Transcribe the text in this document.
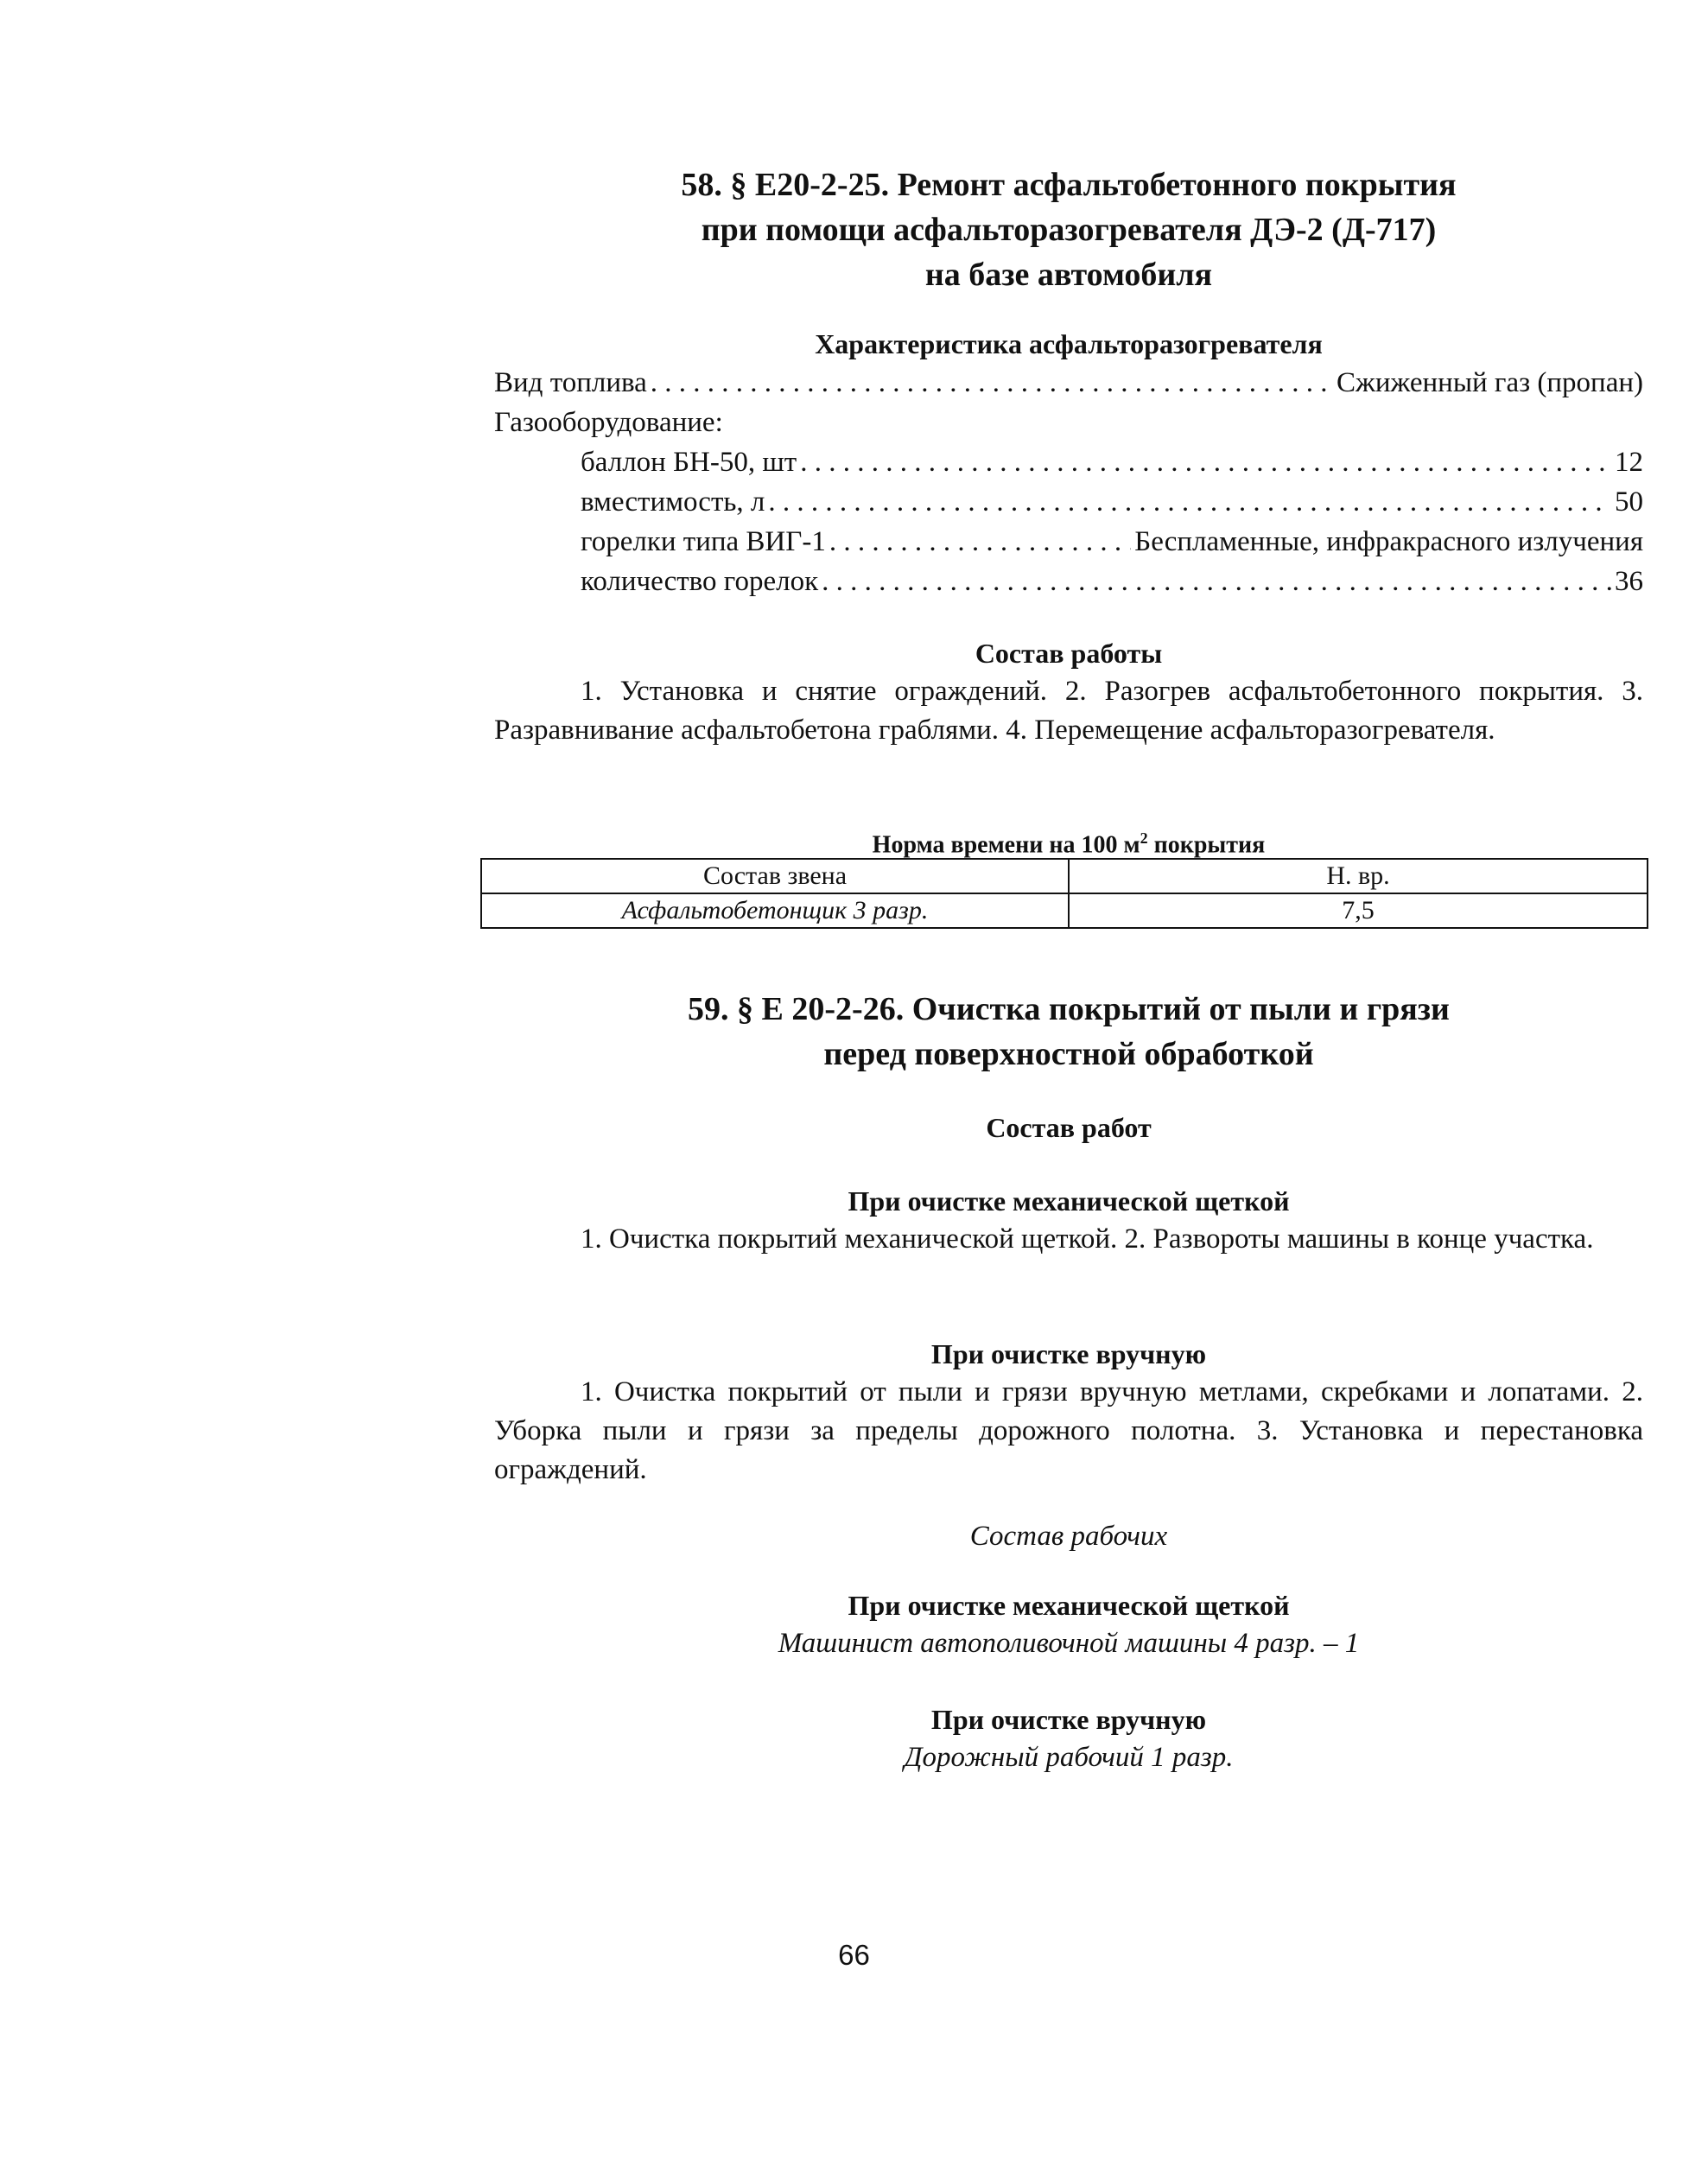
58. § Е20-2-25. Ремонт асфальтобетонного покрытия

при помощи асфальторазогревателя ДЭ-2 (Д-717)

на базе автомобиля

Характеристика асфальторазогревателя

Вид топлива . . .	Сжиженный газ (пропан)
Газооборудование:
баллон БН-50, шт . . .	12
вместимость, л . . .	50
горелки типа ВИГ-1 . . .	Беспламенные, инфракрасного излучения
количество горелок . . .	36

Состав работы

1. Установка и снятие ограждений. 2. Разогрев асфальтобетонного покрытия. 3. Разравнивание асфальтобетона граблями. 4. Перемещение асфальторазогревателя.

Норма времени на 100 $м^2$ покрытия
Состав звена	Н. вр.
Асфальтобетонщик 3 разр.	7,5

59. § Е 20-2-26. Очистка покрытий от пыли и грязи

перед поверхностной обработкой

Состав работ

При очистке механической щеткой

1. Очистка покрытий механической щеткой. 2. Развороты машины в конце участка.

При очистке вручную

1. Очистка покрытий от пыли и грязи вручную метлами, скребками и лопатами. 2. Уборка пыли и грязи за пределы дорожного полотна. 3. Установка и перестановка ограждений.

Состав рабочих

При очистке механической щеткой

Машинист автополивочной машины 4 разр. – 1

При очистке вручную

Дорожный рабочий 1 разр.

66
